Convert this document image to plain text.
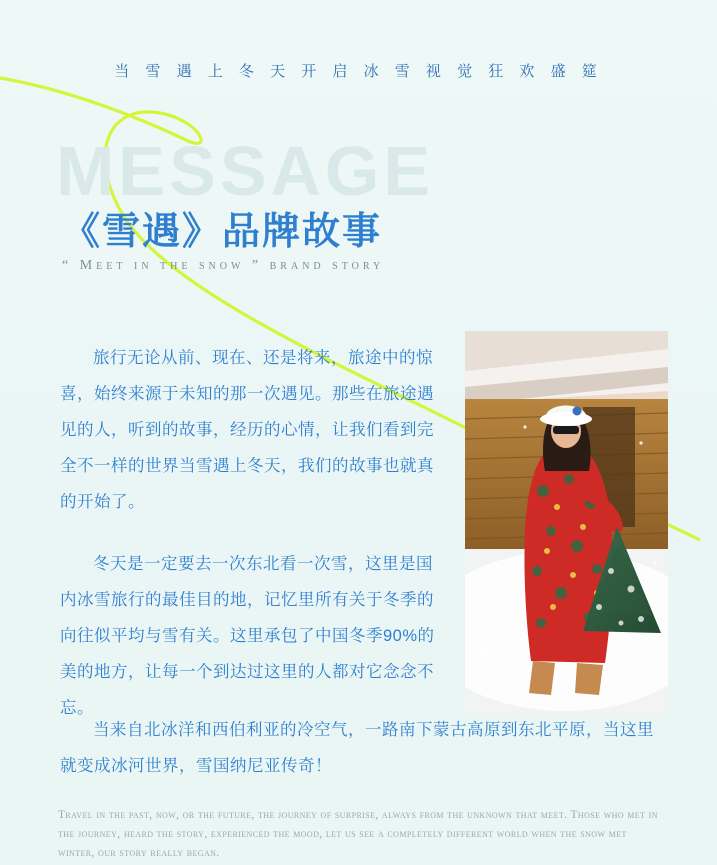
当 雪 遇 上 冬 天 开 启 冰 雪 视 觉 狂 欢 盛 筵
MESSAGE
《雪遇》品牌故事
“ Meet in the snow ” brand story

旅行无论从前、现在、还是将来，旅途中的惊喜，始终来源于未知的那一次遇见。那些在旅途遇见的人，听到的故事，经历的心情，让我们看到完全不一样的世界当雪遇上冬天，我们的故事也就真的开始了。

冬天是一定要去一次东北看一次雪，这里是国内冰雪旅行的最佳目的地，记忆里所有关于冬季的向往似平均与雪有关。这里承包了中国冬季90%的美的地方，让每一个到达过这里的人都对它念念不忘。

当来自北冰洋和西伯利亚的冷空气，一路南下蒙古高原到东北平原，当这里就变成冰河世界，雪国纳尼亚传奇！

Travel in the past, now, or the future, the journey of surprise, always from the unknown that meet. Those who met in the journey, heard the story, experienced the mood, let us see a completely different world when the snow met winter, our story really began.
